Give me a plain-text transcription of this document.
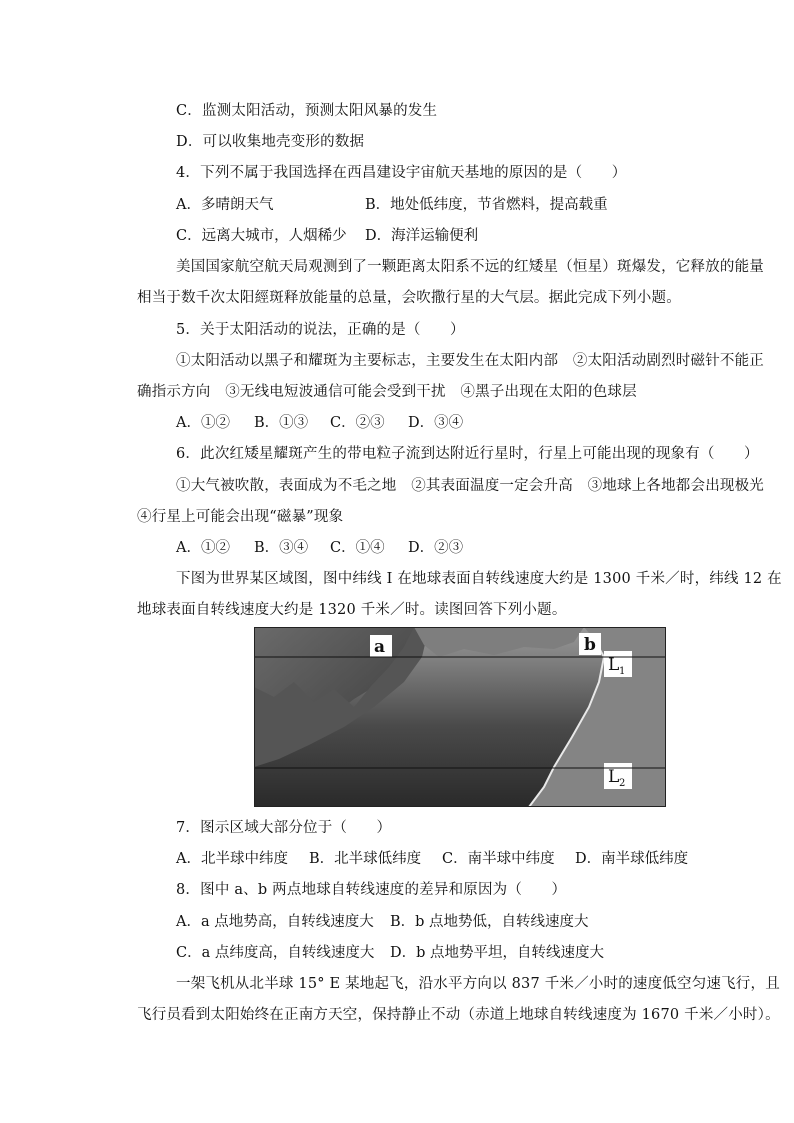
C．监测太阳活动，预测太阳风暴的发生
D．可以收集地壳变形的数据
4．下列不属于我国选择在西昌建设宇宙航天基地的原因的是（　　）
A．多晴朗天气	B．地处低纬度，节省燃料，提高载重
C．远离大城市，人烟稀少 D．海洋运输便利
美国国家航空航天局观测到了一颗距离太阳系不远的红矮星（恒星）斑爆发，它释放的能量
相当于数千次太阳經斑释放能量的总量，会吹撒行星的大气层。据此完成下列小题。
5．关于太阳活动的说法，正确的是（　　）
①太阳活动以黑子和耀斑为主要标志，主要发生在太阳内部　②太阳活动剧烈时磁针不能正
确指示方向　③无线电短波通信可能会受到干扰　④黑子出现在太阳的色球层
A．①② B．①③ C．②③ D．③④
6．此次红矮星耀斑产生的带电粒子流到达附近行星时，行星上可能出现的现象有（　　）
①大气被吹散，表面成为不毛之地　②其表面温度一定会升高　③地球上各地都会出现极光
④行星上可能会出现“磁暴”现象
A．①② B．③④ C．①④ D．②③
下图为世界某区域图，图中纬线 I 在地球表面自转线速度大约是 1300 千米／时，纬线 12 在
地球表面自转线速度大约是 1320 千米／时。读图回答下列小题。
a	b
L 1
L 2
7．图示区域大部分位于（　　）
A．北半球中纬度 B．北半球低纬度 C．南半球中纬度 D．南半球低纬度
8．图中 a、b 两点地球自转线速度的差异和原因为（　　）
A．a 点地势高，自转线速度大 B．b 点地势低，自转线速度大
C．a 点纬度高，自转线速度大 D．b 点地势平坦，自转线速度大
一架飞机从北半球 15° E 某地起飞，沿水平方向以 837 千米／小时的速度低空匀速飞行，且
飞行员看到太阳始终在正南方天空，保持静止不动（赤道上地球自转线速度为 1670 千米／小时）。
